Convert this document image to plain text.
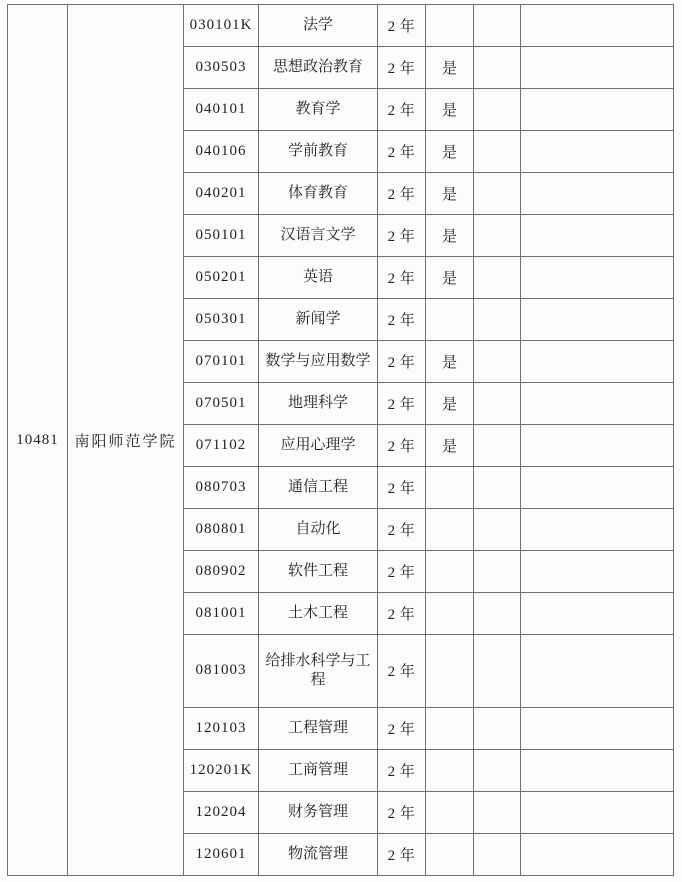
10481	南阳师范学院	030101K	法学	2 年			
		030503	思想政治教育	2 年	是		
		040101	教育学	2 年	是		
		040106	学前教育	2 年	是		
		040201	体育教育	2 年	是		
		050101	汉语言文学	2 年	是		
		050201	英语	2 年	是		
		050301	新闻学	2 年			
		070101	数学与应用数学	2 年	是		
		070501	地理科学	2 年	是		
		071102	应用心理学	2 年	是		
		080703	通信工程	2 年			
		080801	自动化	2 年			
		080902	软件工程	2 年			
		081001	土木工程	2 年			
		081003	给排水科学与工程	2 年			
		120103	工程管理	2 年			
		120201K	工商管理	2 年			
		120204	财务管理	2 年			
		120601	物流管理	2 年			
